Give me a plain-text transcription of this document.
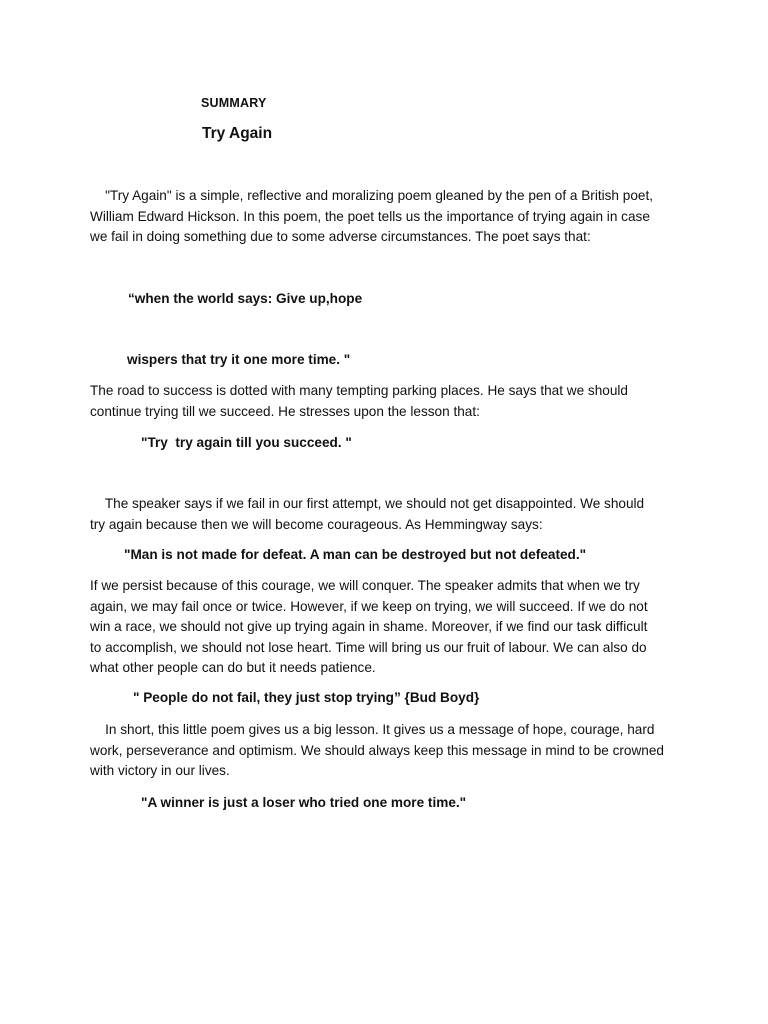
SUMMARY

Try Again

"Try Again" is a simple, reflective and moralizing poem gleaned by the pen of a British poet,
William Edward Hickson. In this poem, the poet tells us the importance of trying again in case
we fail in doing something due to some adverse circumstances. The poet says that:

“when the world says: Give up,hope

wispers that try it one more time. "

The road to success is dotted with many tempting parking places. He says that we should
continue trying till we succeed. He stresses upon the lesson that:

"Try  try again till you succeed. "

The speaker says if we fail in our first attempt, we should not get disappointed. We should
try again because then we will become courageous. As Hemmingway says:

"Man is not made for defeat. A man can be destroyed but not defeated."

If we persist because of this courage, we will conquer. The speaker admits that when we try
again, we may fail once or twice. However, if we keep on trying, we will succeed. If we do not
win a race, we should not give up trying again in shame. Moreover, if we find our task difficult
to accomplish, we should not lose heart. Time will bring us our fruit of labour. We can also do
what other people can do but it needs patience.

" People do not fail, they just stop trying” {Bud Boyd}

In short, this little poem gives us a big lesson. It gives us a message of hope, courage, hard
work, perseverance and optimism. We should always keep this message in mind to be crowned
with victory in our lives.

"A winner is just a loser who tried one more time."
